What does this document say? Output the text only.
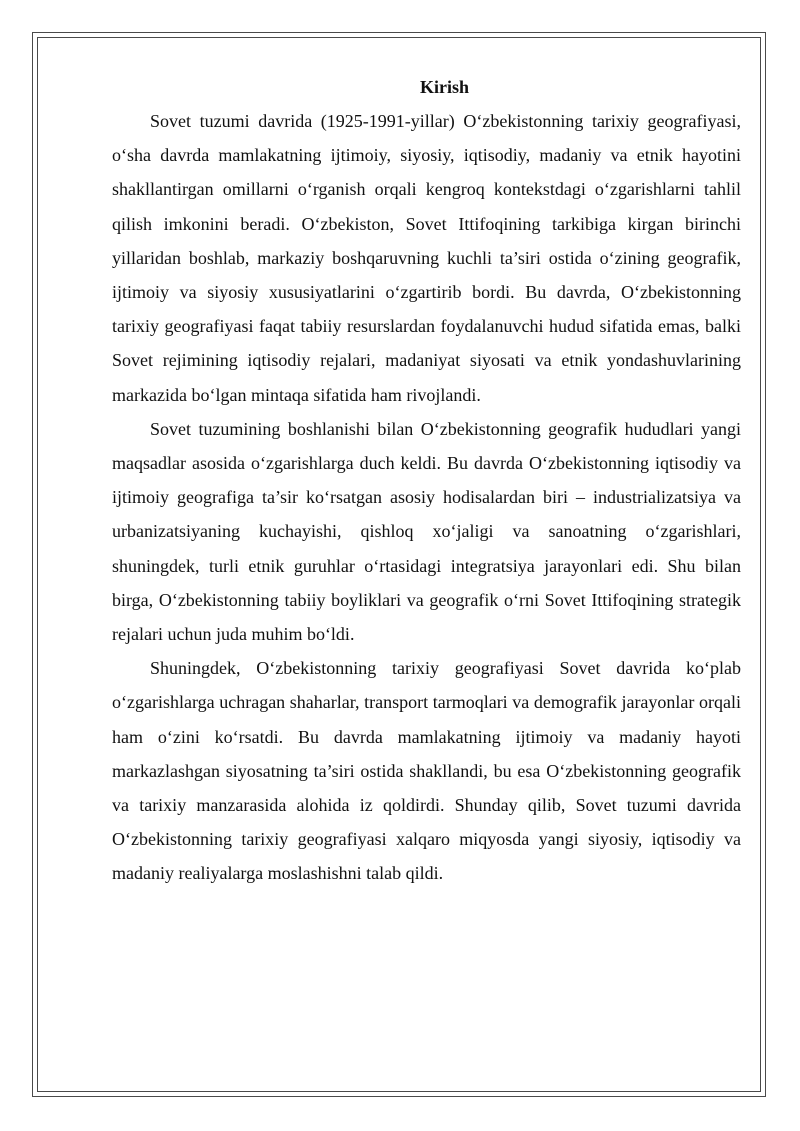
Kirish

Sovet tuzumi davrida (1925-1991-yillar) O‘zbekistonning tarixiy geografiyasi, o‘sha davrda mamlakatning ijtimoiy, siyosiy, iqtisodiy, madaniy va etnik hayotini shakllantirgan omillarni o‘rganish orqali kengroq kontekstdagi o‘zgarishlarni tahlil qilish imkonini beradi. O‘zbekiston, Sovet Ittifoqining tarkibiga kirgan birinchi yillaridan boshlab, markaziy boshqaruvning kuchli ta’siri ostida o‘zining geografik, ijtimoiy va siyosiy xususiyatlarini o‘zgartirib bordi. Bu davrda, O‘zbekistonning tarixiy geografiyasi faqat tabiiy resurslardan foydalanuvchi hudud sifatida emas, balki Sovet rejimining iqtisodiy rejalari, madaniyat siyosati va etnik yondashuvlarining markazida bo‘lgan mintaqa sifatida ham rivojlandi.

Sovet tuzumining boshlanishi bilan O‘zbekistonning geografik hududlari yangi maqsadlar asosida o‘zgarishlarga duch keldi. Bu davrda O‘zbekistonning iqtisodiy va ijtimoiy geografiga ta’sir ko‘rsatgan asosiy hodisalardan biri – industrializatsiya va urbanizatsiyaning kuchayishi, qishloq xo‘jaligi va sanoatning o‘zgarishlari, shuningdek, turli etnik guruhlar o‘rtasidagi integratsiya jarayonlari edi. Shu bilan birga, O‘zbekistonning tabiiy boyliklari va geografik o‘rni Sovet Ittifoqining strategik rejalari uchun juda muhim bo‘ldi.

Shuningdek, O‘zbekistonning tarixiy geografiyasi Sovet davrida ko‘plab o‘zgarishlarga uchragan shaharlar, transport tarmoqlari va demografik jarayonlar orqali ham o‘zini ko‘rsatdi. Bu davrda mamlakatning ijtimoiy va madaniy hayoti markazlashgan siyosatning ta’siri ostida shakllandi, bu esa O‘zbekistonning geografik va tarixiy manzarasida alohida iz qoldirdi. Shunday qilib, Sovet tuzumi davrida O‘zbekistonning tarixiy geografiyasi xalqaro miqyosda yangi siyosiy, iqtisodiy va madaniy realiyalarga moslashishni talab qildi.
